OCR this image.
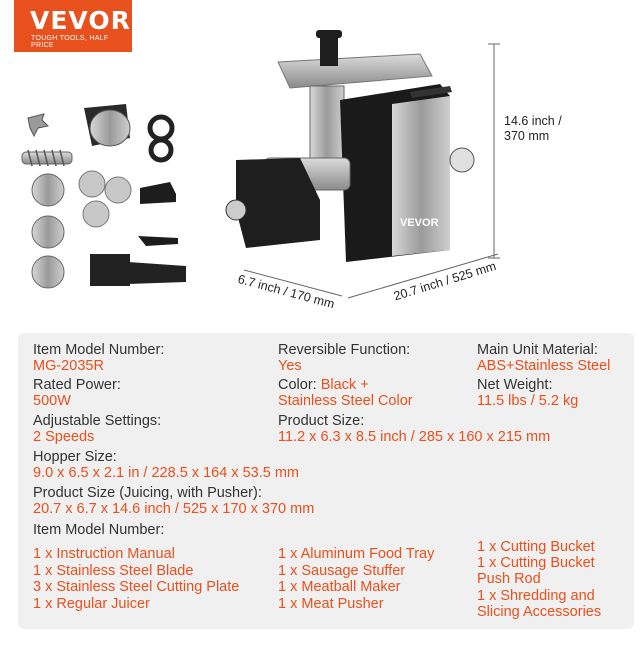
VEVOR
TOUGH TOOLS, HALF PRICE
VEVOR
14.6 inch /
370 mm
6.7 inch / 170 mm	20.7 inch / 525 mm
Item Model Number:
MG-2035R
Reversible Function:
Yes
Main Unit Material:
ABS+Stainless Steel
Rated Power:
500W
Color: Black +
Stainless Steel Color
Net Weight:
11.5 lbs / 5.2 kg
Adjustable Settings:
2 Speeds
Product Size:
11.2 x 6.3 x 8.5 inch / 285 x 160 x 215 mm
Hopper Size:
9.0 x 6.5 x 2.1 in / 228.5 x 164 x 53.5 mm
Product Size (Juicing, with Pusher):
20.7 x 6.7 x 14.6 inch / 525 x 170 x 370 mm
Item Model Number:
1 x Instruction Manual
1 x Stainless Steel Blade
3 x Stainless Steel Cutting Plate
1 x Regular Juicer
1 x Aluminum Food Tray
1 x Sausage Stuffer
1 x Meatball Maker
1 x Meat Pusher
1 x Cutting Bucket
1 x Cutting Bucket
Push Rod
1 x Shredding and
Slicing Accessories
